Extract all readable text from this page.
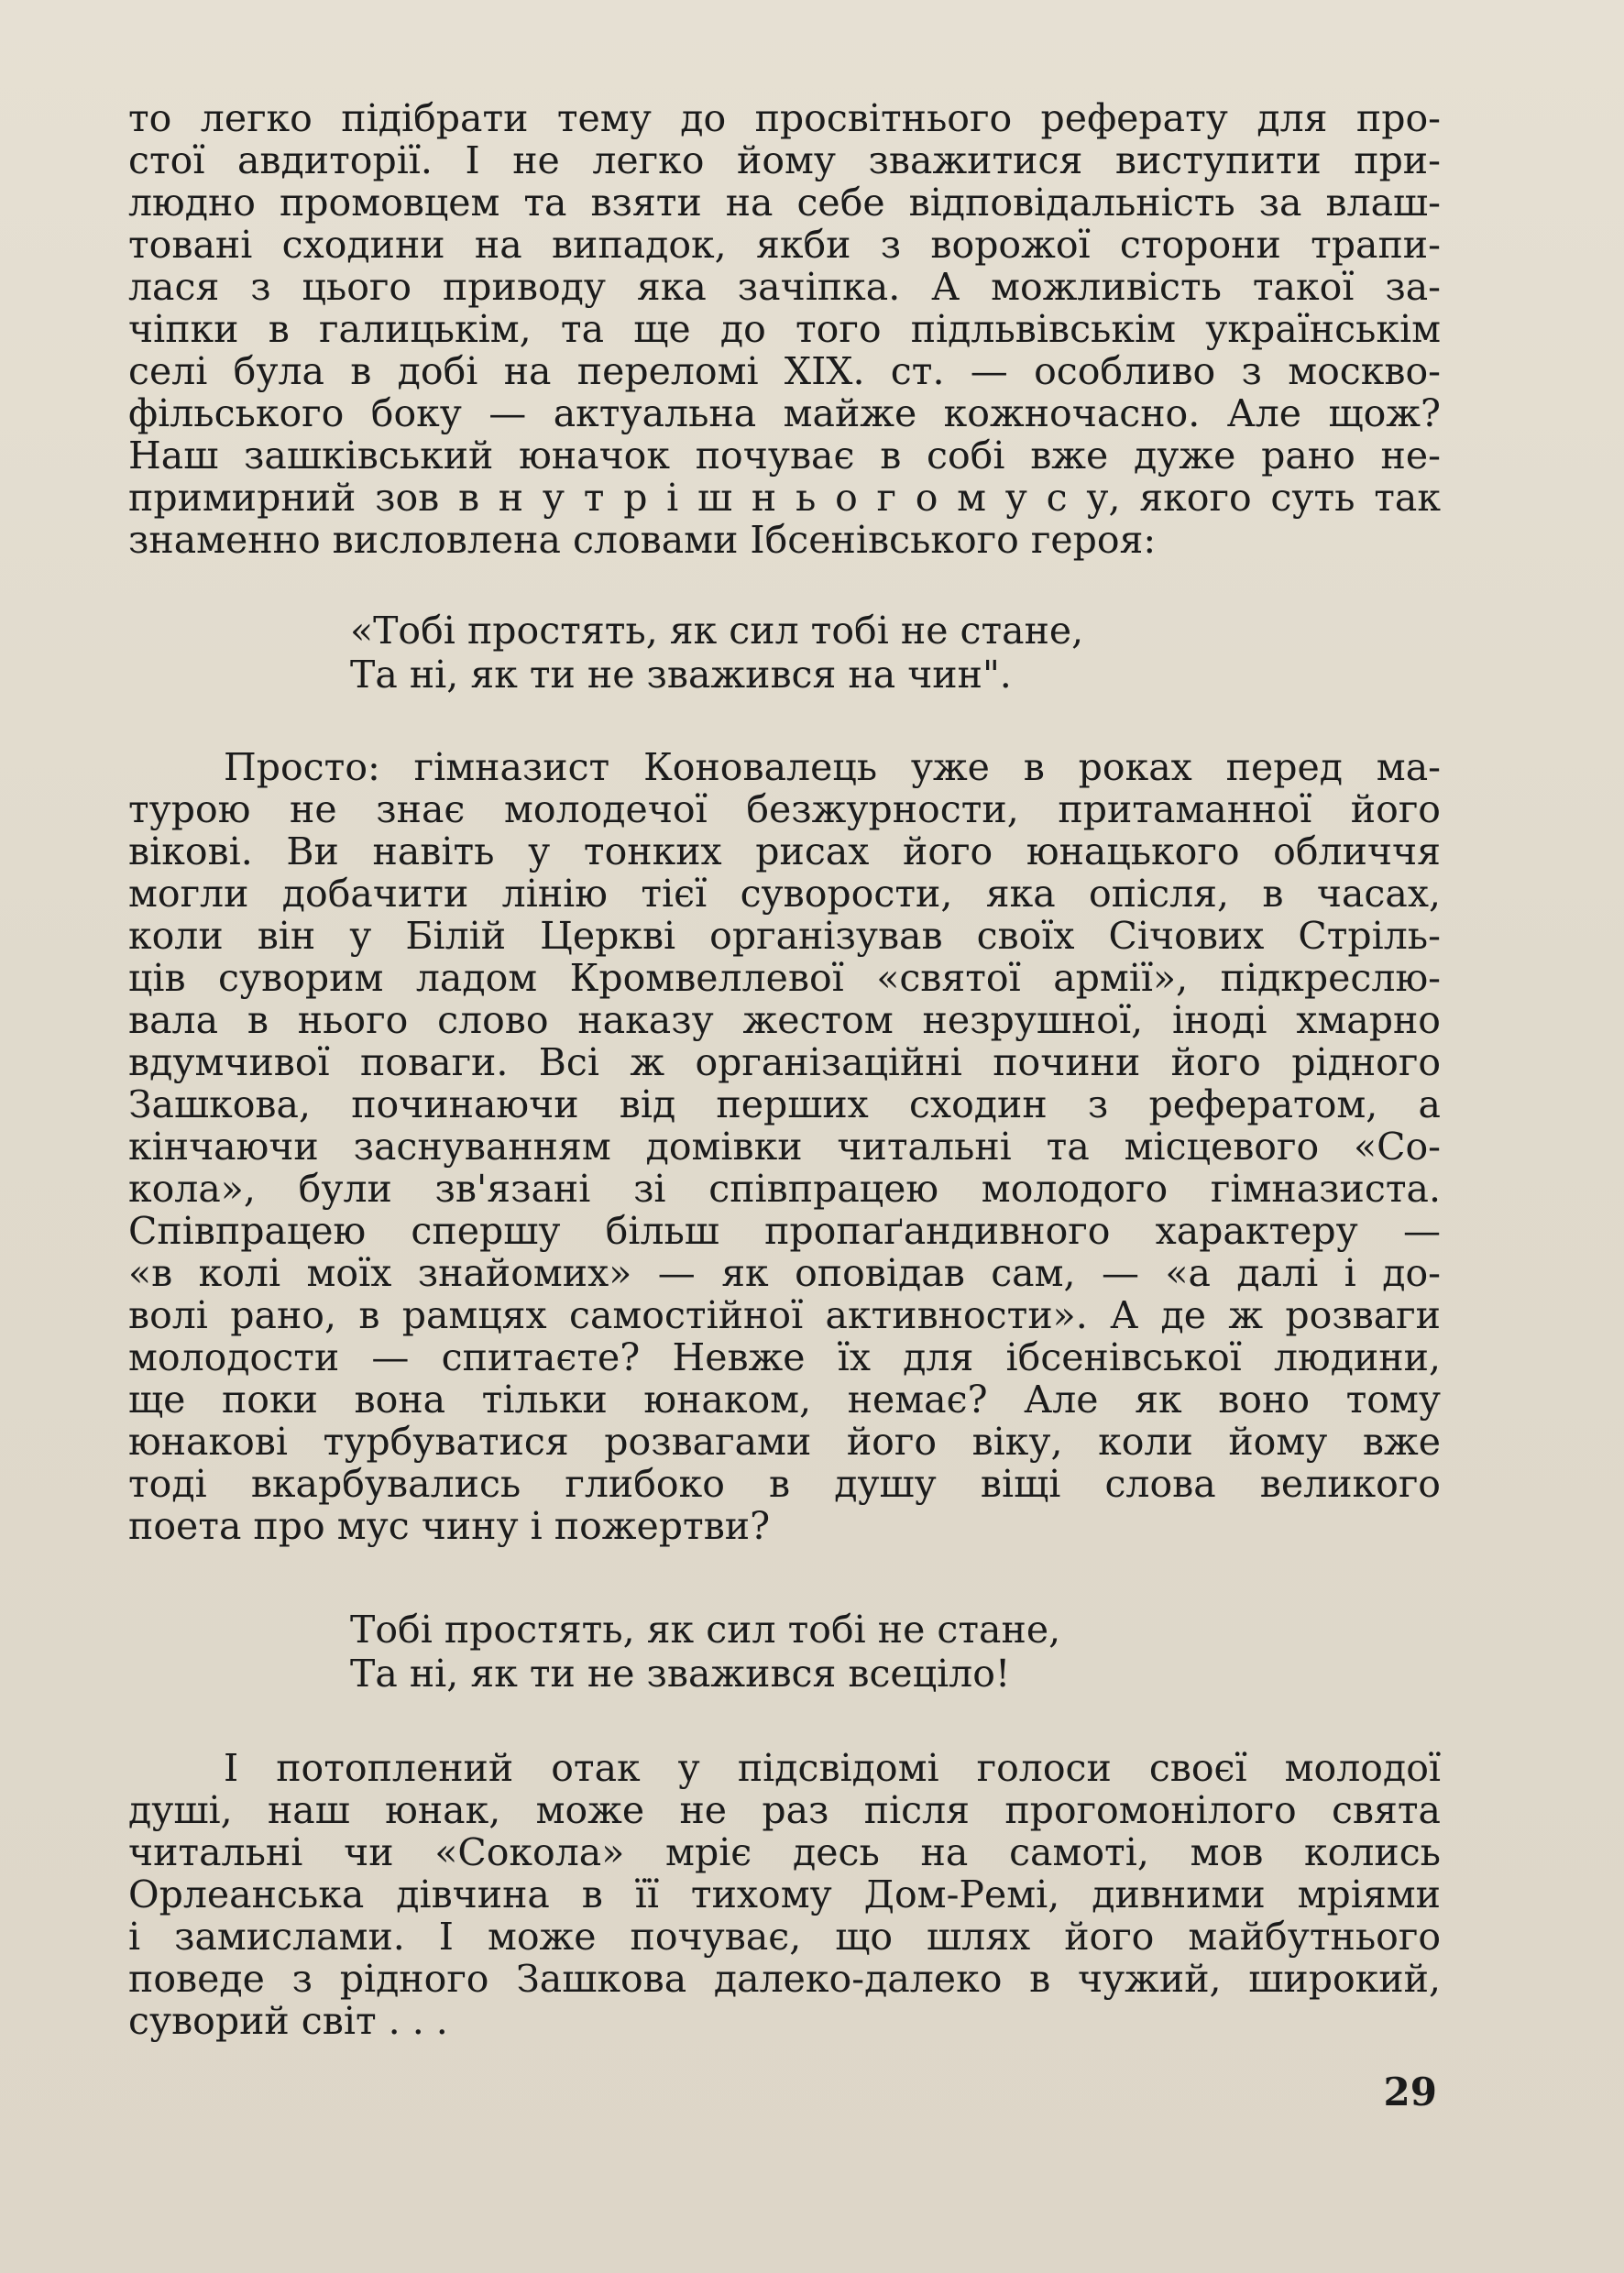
то легко підібрати тему до просвітнього реферату для про-
стої авдиторії. І не легко йому зважитися виступити при-
людно промовцем та взяти на себе відповідальність за влаш-
товані сходини на випадок, якби з ворожої сторони трапи-
лася з цього приводу яка зачіпка. А можливість такої за-
чіпки в галицькім, та ще до того підльвівськім українськім
селі була в добі на переломі XIX. ст. — особливо з москво-
фільського боку — актуальна майже кожночасно. Але щож?
Наш зашківський юначок почуває в собі вже дуже рано не-
примирний зов в н у т р і ш н ь о г о м у с у, якого суть так
знаменно висловлена словами Ібсенівського героя:
«Тобі простять, як сил тобі не стане,
Та ні, як ти не зважився на чин".
Просто: гімназист Коновалець уже в роках перед ма-
турою не знає молодечої безжурности, притаманної його
вікові. Ви навіть у тонких рисах його юнацького обличчя
могли добачити лінію тієї суворости, яка опісля, в часах,
коли він у Білій Церкві організував своїх Січових Стріль-
ців суворим ладом Кромвеллевої «святої армії», підкреслю-
вала в нього слово наказу жестом незрушної, іноді хмарно
вдумчивої поваги. Всі ж організаційні почини його рідного
Зашкова, починаючи від перших сходин з рефератом, а
кінчаючи заснуванням домівки читальні та місцевого «Со-
кола», були зв'язані зі співпрацею молодого гімназиста.
Співпрацею спершу більш пропаґандивного характеру —
«в колі моїх знайомих» — як оповідав сам, — «а далі і до-
волі рано, в рамцях самостійної активности». А де ж розваги
молодости — спитаєте? Невже їх для ібсенівської людини,
ще поки вона тільки юнаком, немає? Але як воно тому
юнакові турбуватися розвагами його віку, коли йому вже
тоді вкарбувались глибоко в душу віщі слова великого
поета про мус чину і пожертви?
Тобі простять, як сил тобі не стане,
Та ні, як ти не зважився всеціло!
І потоплений отак у підсвідомі голоси своєї молодої
душі, наш юнак, може не раз після прогомонілого свята
читальні чи «Сокола» мріє десь на самоті, мов колись
Орлеанська дівчина в її тихому Дом-Ремі, дивними мріями
і замислами. І може почуває, що шлях його майбутнього
поведе з рідного Зашкова далеко-далеко в чужий, широкий,
суворий світ . . .
29
